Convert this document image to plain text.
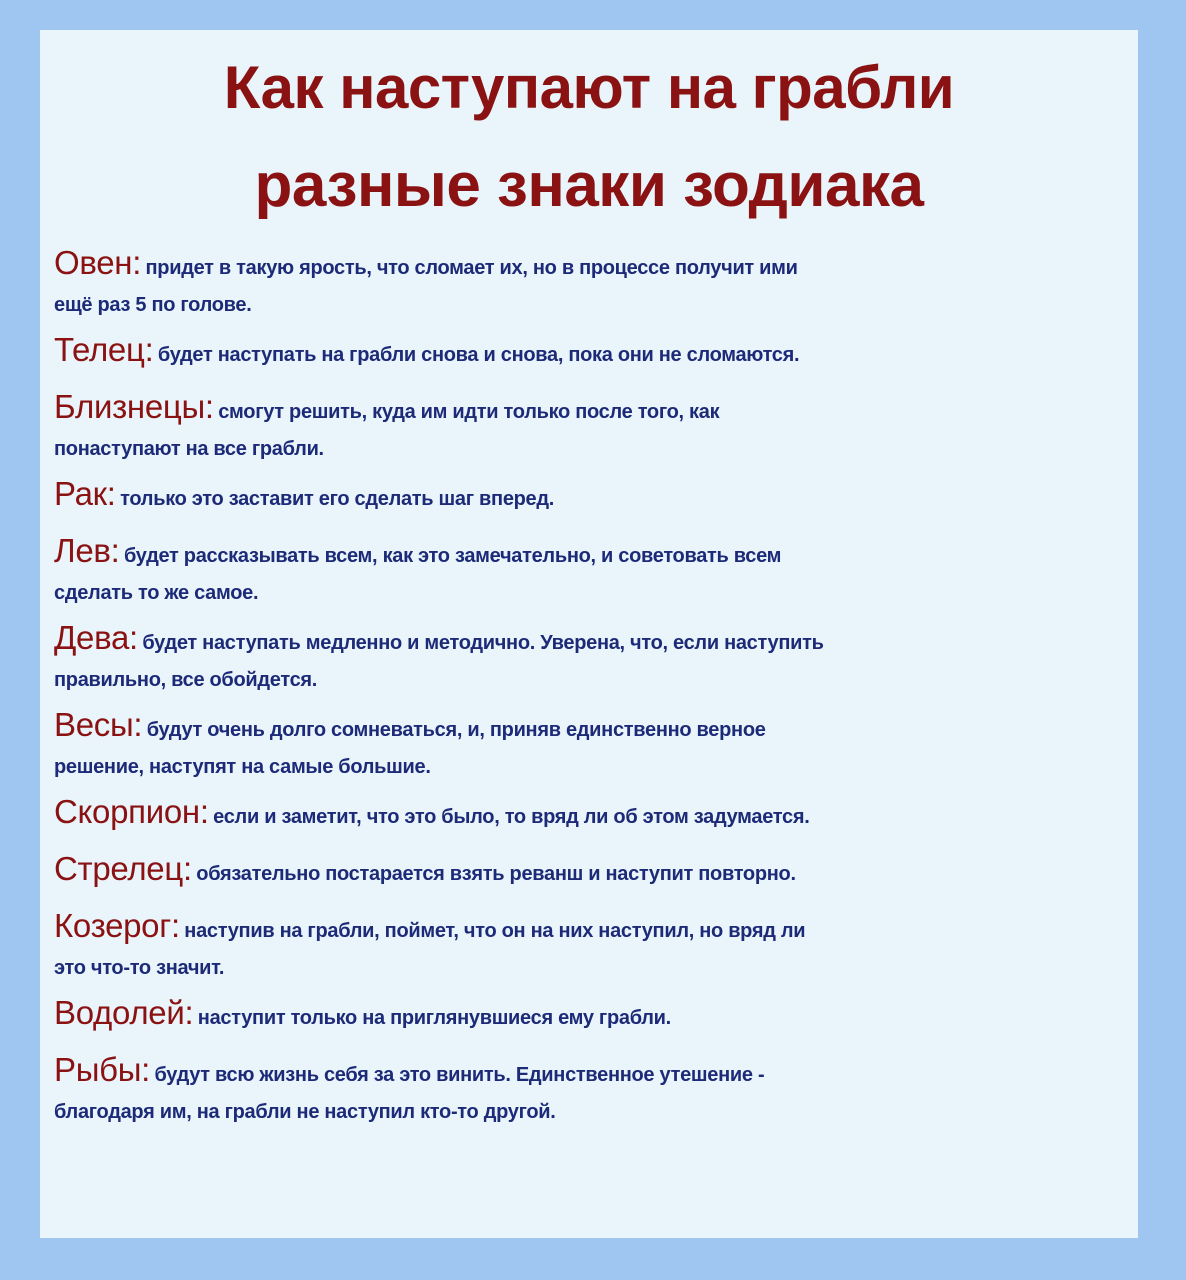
Как наступают на грабли
разные знаки зодиака
Овен: придет в такую ярость, что сломает их, но в процессе получит ими
ещё раз 5 по голове.
Телец: будет наступать на грабли снова и снова, пока они не сломаются.
Близнецы: смогут решить, куда им идти только после того, как
понаступают на все грабли.
Рак: только это заставит его сделать шаг вперед.
Лев: будет рассказывать всем, как это замечательно, и советовать всем
сделать то же самое.
Дева: будет наступать медленно и методично. Уверена, что, если наступить
правильно, все обойдется.
Весы: будут очень долго сомневаться, и, приняв единственно верное
решение, наступят на самые большие.
Скорпион: если и заметит, что это было, то вряд ли об этом задумается.
Стрелец: обязательно постарается взять реванш и наступит повторно.
Козерог: наступив на грабли, поймет, что он на них наступил, но вряд ли
это что-то значит.
Водолей: наступит только на приглянувшиеся ему грабли.
Рыбы: будут всю жизнь себя за это винить. Единственное утешение -
благодаря им, на грабли не наступил кто-то другой.
